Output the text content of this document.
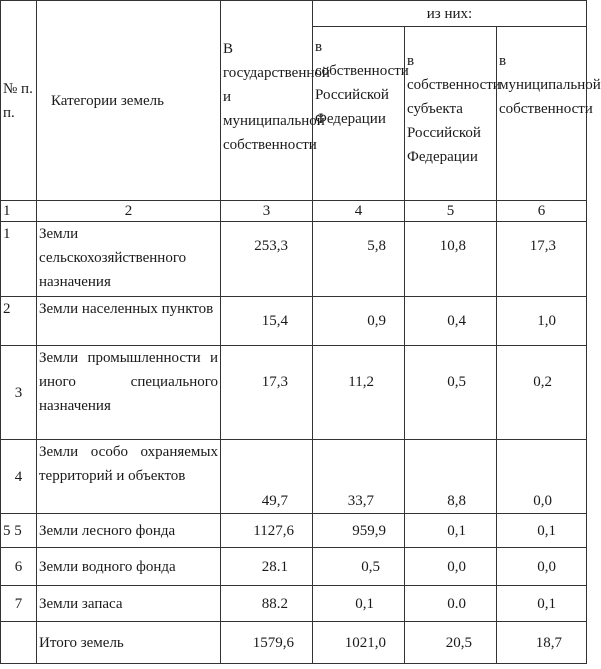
№ п. п.	Категории земель	В государственной и муниципальной собственности	из них:		
			в собственности Российской Федерации	в собственности субъекта Российской Федерации	в муниципальной собственности
1	2	3	4	5	6
1	Земли сельскохозяйственного назначения	253,3	5,8	10,8	17,3
2	Земли населенных пунктов	15,4	0,9	0,4	1,0
3	Земли промышленности и иного специального назначения	17,3	11,2	0,5	0,2
4	Земли особо охраняемых территорий и объектов	49,7	33,7	8,8	0,0
5 5	Земли лесного фонда	1127,6	959,9	0,1	0,1
6	Земли водного фонда	28.1	0,5	0,0	0,0
7	Земли запаса	88.2	0,1	0.0	0,1
	Итого земель	1579,6	1021,0	20,5	18,7
